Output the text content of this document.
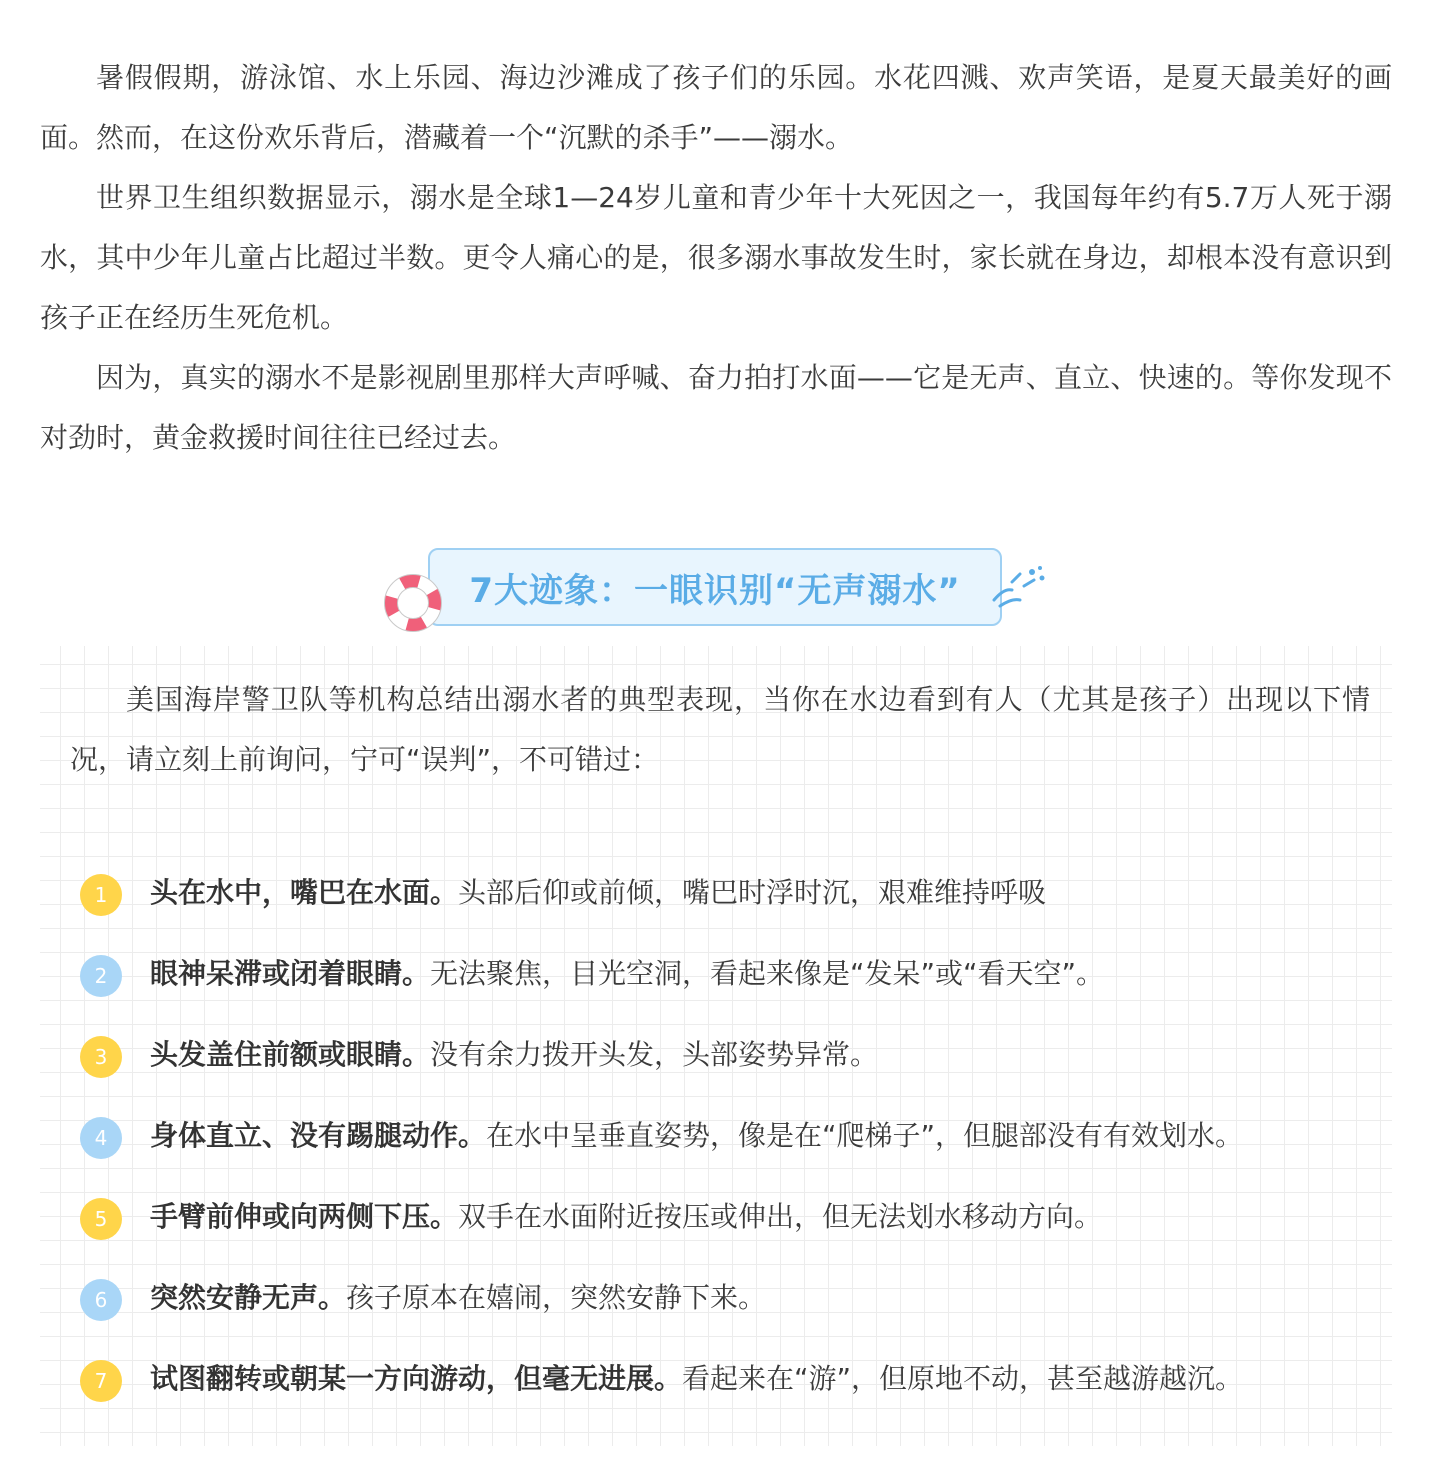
暑假假期，游泳馆、水上乐园、海边沙滩成了孩子们的乐园。水花四溅、欢声笑语，是夏天最美好的画面。然而，在这份欢乐背后，潜藏着一个“沉默的杀手”——溺水。

世界卫生组织数据显示，溺水是全球1—24岁儿童和青少年十大死因之一，我国每年约有5.7万人死于溺水，其中少年儿童占比超过半数。更令人痛心的是，很多溺水事故发生时，家长就在身边，却根本没有意识到孩子正在经历生死危机。

因为，真实的溺水不是影视剧里那样大声呼喊、奋力拍打水面——它是无声、直立、快速的。等你发现不对劲时，黄金救援时间往往已经过去。

7大迹象：一眼识别“无声溺水”

美国海岸警卫队等机构总结出溺水者的典型表现，当你在水边看到有人（尤其是孩子）出现以下情况，请立刻上前询问，宁可“误判”，不可错过：

1	头在水中，嘴巴在水面。头部后仰或前倾，嘴巴时浮时沉，艰难维持呼吸
2	眼神呆滞或闭着眼睛。无法聚焦，目光空洞，看起来像是“发呆”或“看天空”。
3	头发盖住前额或眼睛。没有余力拨开头发，头部姿势异常。
4	身体直立、没有踢腿动作。在水中呈垂直姿势，像是在“爬梯子”，但腿部没有有效划水。
5	手臂前伸或向两侧下压。双手在水面附近按压或伸出，但无法划水移动方向。
6	突然安静无声。孩子原本在嬉闹，突然安静下来。
7	试图翻转或朝某一方向游动，但毫无进展。看起来在“游”，但原地不动，甚至越游越沉。
